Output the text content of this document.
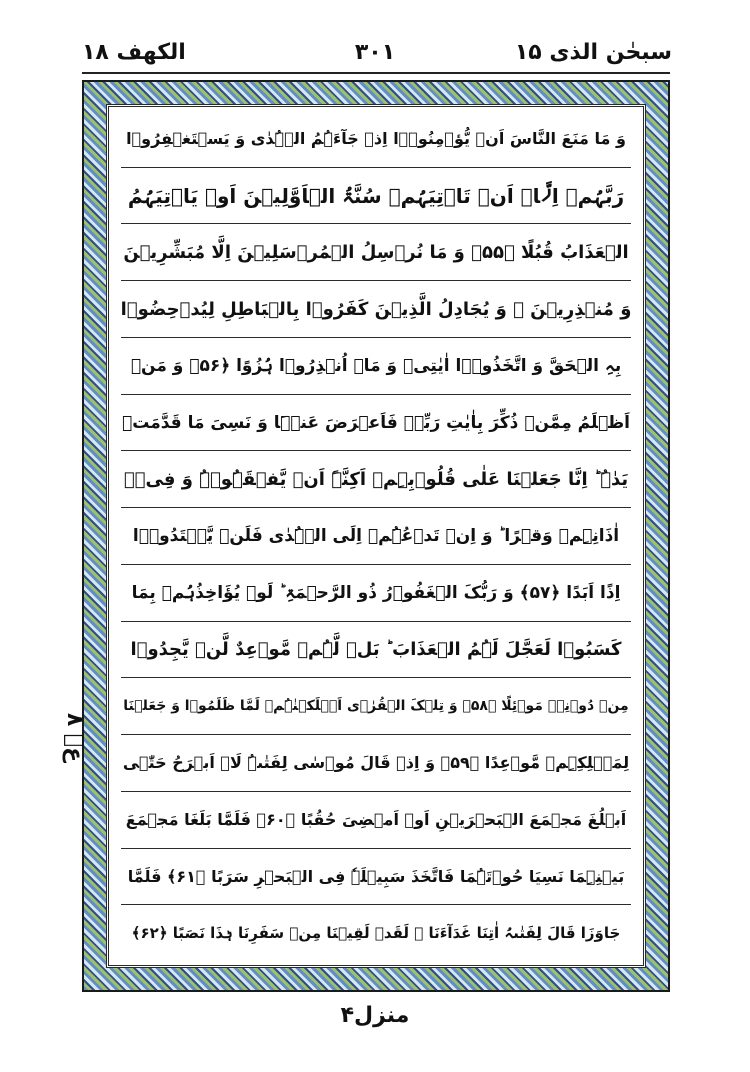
سبحٰن الذی ۱۵
۳۰۱
الکھف ۱۸
وَ مَا مَنَعَ النَّاسَ اَنۡ یُّؤۡمِنُوۡۤا اِذۡ جَآءَہُمُ الۡہُدٰی وَ یَسۡتَغۡفِرُوۡا
رَبَّہُمۡ اِلَّاۤ اَنۡ تَاۡتِیَہُمۡ سُنَّۃُ الۡاَوَّلِیۡنَ اَوۡ یَاۡتِیَہُمُ
الۡعَذَابُ قُبُلًا ﴿۵۵﴾ وَ مَا نُرۡسِلُ الۡمُرۡسَلِیۡنَ اِلَّا مُبَشِّرِیۡنَ
وَ مُنۡذِرِیۡنَ ۚ وَ یُجَادِلُ الَّذِیۡنَ کَفَرُوۡا بِالۡبَاطِلِ لِیُدۡحِضُوۡا
بِہِ الۡحَقَّ وَ اتَّخَذُوۡۤا اٰیٰتِیۡ وَ مَاۤ اُنۡذِرُوۡا ہُزُوًا ﴿۵۶﴾ وَ مَنۡ
اَظۡلَمُ مِمَّنۡ ذُکِّرَ بِاٰیٰتِ رَبِّہٖ فَاَعۡرَضَ عَنۡہَا وَ نَسِیَ مَا قَدَّمَتۡ
یَدٰہُ ؕ اِنَّا جَعَلۡنَا عَلٰی قُلُوۡبِہِمۡ اَکِنَّۃً اَنۡ یَّفۡقَہُوۡہُ وَ فِیۡۤ
اٰذَانِہِمۡ وَقۡرًا ؕ وَ اِنۡ تَدۡعُہُمۡ اِلَی الۡہُدٰی فَلَنۡ یَّہۡتَدُوۡۤا
اِذًا اَبَدًا ﴿۵۷﴾ وَ رَبُّکَ الۡغَفُوۡرُ ذُو الرَّحۡمَۃِ ؕ لَوۡ یُؤَاخِذُہُمۡ بِمَا
کَسَبُوۡا لَعَجَّلَ لَہُمُ الۡعَذَابَ ؕ بَلۡ لَّہُمۡ مَّوۡعِدٌ لَّنۡ یَّجِدُوۡا
مِنۡ دُوۡنِہٖ مَوۡئِلًا ﴿۵۸﴾ وَ تِلۡکَ الۡقُرٰۤی اَہۡلَکۡنٰہُمۡ لَمَّا ظَلَمُوۡا وَ جَعَلۡنَا
لِمَہۡلِکِہِمۡ مَّوۡعِدًا ﴿۵۹﴾ وَ اِذۡ قَالَ مُوۡسٰی لِفَتٰىہُ لَاۤ اَبۡرَحُ حَتّٰۤی
اَبۡلُغَ مَجۡمَعَ الۡبَحۡرَیۡنِ اَوۡ اَمۡضِیَ حُقُبًا ﴿۶۰﴾ فَلَمَّا بَلَغَا مَجۡمَعَ
بَیۡنِہِمَا نَسِیَا حُوۡتَہُمَا فَاتَّخَذَ سَبِیۡلَہٗ فِی الۡبَحۡرِ سَرَبًا ﴿۶۱﴾ فَلَمَّا
جَاوَزَا قَالَ لِفَتٰىہُ اٰتِنَا غَدَآءَنَا ۫ لَقَدۡ لَقِیۡنَا مِنۡ سَفَرِنَا ہٰذَا نَصَبًا ﴿۶۲﴾
عۡ ۸
منزل۴
